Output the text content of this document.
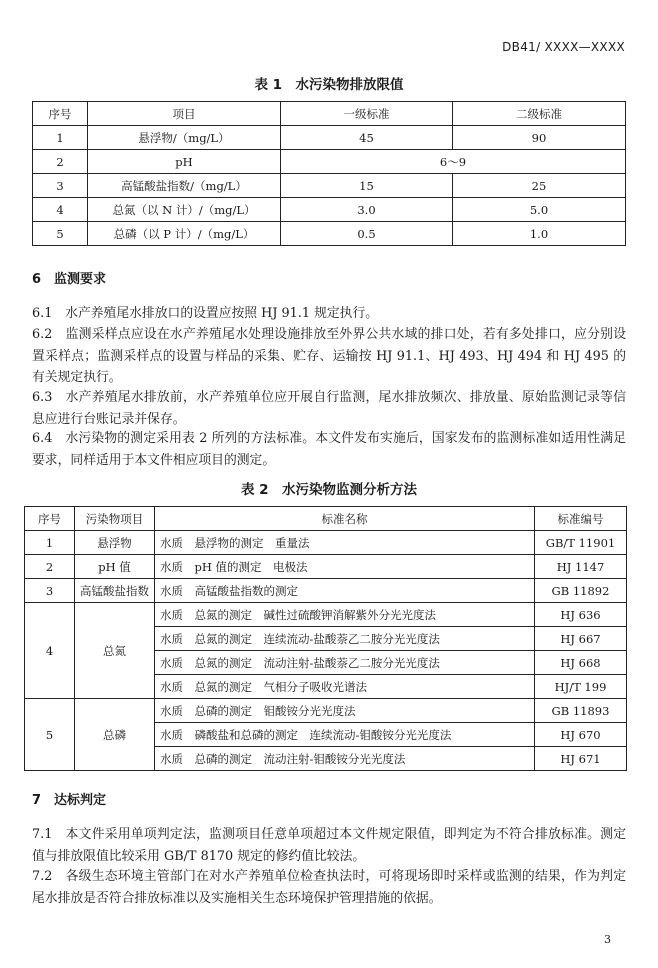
DB41/ XXXX—XXXX
表 1　水污染物排放限值
序号	项目	一级标准	二级标准
1	悬浮物/（mg/L）	45	90
2	pH	6～9	
3	高锰酸盐指数/（mg/L）	15	25
4	总氮（以 N 计）/（mg/L）	3.0	5.0
5	总磷（以 P 计）/（mg/L）	0.5	1.0
6　监测要求
6.1　水产养殖尾水排放口的设置应按照 HJ 91.1 规定执行。
6.2　监测采样点应设在水产养殖尾水处理设施排放至外界公共水域的排口处，若有多处排口，应分别设置采样点；监测采样点的设置与样品的采集、贮存、运输按 HJ 91.1、HJ 493、HJ 494 和 HJ 495 的有关规定执行。
6.3　水产养殖尾水排放前，水产养殖单位应开展自行监测，尾水排放频次、排放量、原始监测记录等信息应进行台账记录并保存。
6.4　水污染物的测定采用表 2 所列的方法标准。本文件发布实施后，国家发布的监测标准如适用性满足要求，同样适用于本文件相应项目的测定。
表 2　水污染物监测分析方法
序号	污染物项目	标准名称	标准编号
1	悬浮物	水质　悬浮物的测定　重量法	GB/T 11901
2	pH 值	水质　pH 值的测定　电极法	HJ 1147
3	高锰酸盐指数	水质　高锰酸盐指数的测定	GB 11892
4	总氮	水质　总氮的测定　碱性过硫酸钾消解紫外分光光度法	HJ 636
		水质　总氮的测定　连续流动-盐酸萘乙二胺分光光度法	HJ 667
		水质　总氮的测定　流动注射-盐酸萘乙二胺分光光度法	HJ 668
		水质　总氮的测定　气相分子吸收光谱法	HJ/T 199
5	总磷	水质　总磷的测定　钼酸铵分光光度法	GB 11893
		水质　磷酸盐和总磷的测定　连续流动-钼酸铵分光光度法	HJ 670
		水质　总磷的测定　流动注射-钼酸铵分光光度法	HJ 671
7　达标判定
7.1　本文件采用单项判定法，监测项目任意单项超过本文件规定限值，即判定为不符合排放标准。测定值与排放限值比较采用 GB/T 8170 规定的修约值比较法。
7.2　各级生态环境主管部门在对水产养殖单位检查执法时，可将现场即时采样或监测的结果，作为判定尾水排放是否符合排放标准以及实施相关生态环境保护管理措施的依据。
3
